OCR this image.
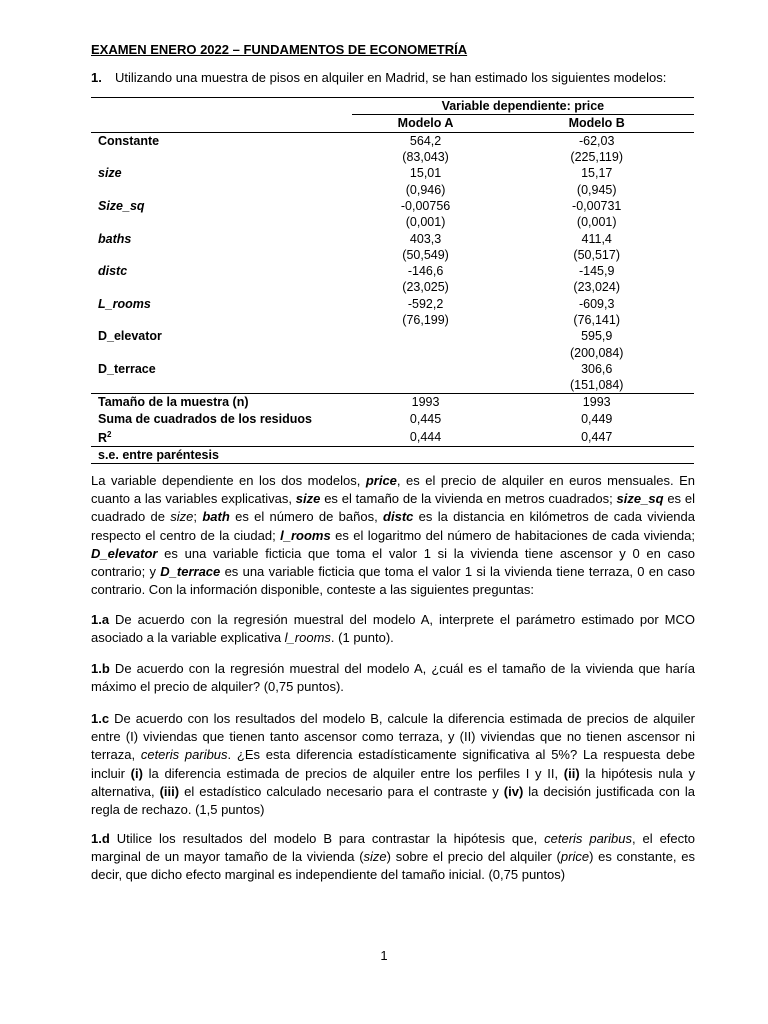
EXAMEN ENERO 2022 – FUNDAMENTOS DE ECONOMETRÍA
1. Utilizando una muestra de pisos en alquiler en Madrid, se han estimado los siguientes modelos:
	Variable dependiente: price	
	Modelo A	Modelo B
Constante	564,2	-62,03
	(83,043)	(225,119)
size	15,01	15,17
	(0,946)	(0,945)
Size_sq	-0,00756	-0,00731
	(0,001)	(0,001)
baths	403,3	411,4
	(50,549)	(50,517)
distc	-146,6	-145,9
	(23,025)	(23,024)
L_rooms	-592,2	-609,3
	(76,199)	(76,141)
D_elevator		595,9
		(200,084)
D_terrace		306,6
		(151,084)
Tamaño de la muestra (n)	1993	1993
Suma de cuadrados de los residuos	0,445	0,449
$R^2$	0,444	0,447
s.e. entre paréntesis		
La variable dependiente en los dos modelos, price, es el precio de alquiler en euros mensuales. En cuanto a las variables explicativas, size es el tamaño de la vivienda en metros cuadrados; size_sq es el cuadrado de size; bath es el número de baños, distc es la distancia en kilómetros de cada vivienda respecto el centro de la ciudad; l_rooms es el logaritmo del número de habitaciones de cada vivienda; D_elevator es una variable ficticia que toma el valor 1 si la vivienda tiene ascensor y 0 en caso contrario; y D_terrace es una variable ficticia que toma el valor 1 si la vivienda tiene terraza, 0 en caso contrario. Con la información disponible, conteste a las siguientes preguntas:
1.a De acuerdo con la regresión muestral del modelo A, interprete el parámetro estimado por MCO asociado a la variable explicativa l_rooms. (1 punto).
1.b De acuerdo con la regresión muestral del modelo A, ¿cuál es el tamaño de la vivienda que haría máximo el precio de alquiler? (0,75 puntos).
1.c De acuerdo con los resultados del modelo B, calcule la diferencia estimada de precios de alquiler entre (I) viviendas que tienen tanto ascensor como terraza, y (II) viviendas que no tienen ascensor ni terraza, ceteris paribus. ¿Es esta diferencia estadísticamente significativa al 5%? La respuesta debe incluir (i) la diferencia estimada de precios de alquiler entre los perfiles I y II, (ii) la hipótesis nula y alternativa, (iii) el estadístico calculado necesario para el contraste y (iv) la decisión justificada con la regla de rechazo. (1,5 puntos)
1.d Utilice los resultados del modelo B para contrastar la hipótesis que, ceteris paribus, el efecto marginal de un mayor tamaño de la vivienda (size) sobre el precio del alquiler (price) es constante, es decir, que dicho efecto marginal es independiente del tamaño inicial. (0,75 puntos)
1
